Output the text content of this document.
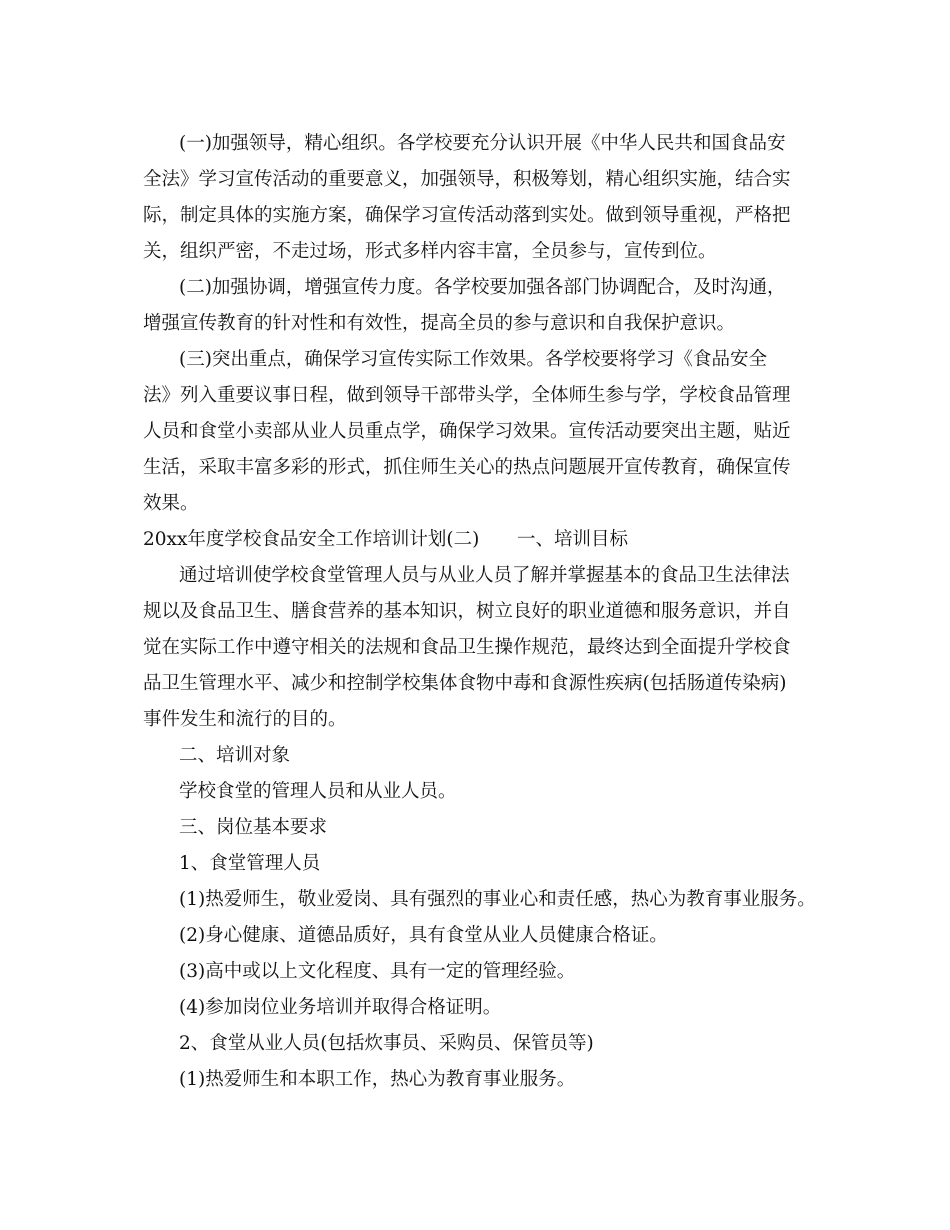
(一)加强领导，精心组织。各学校要充分认识开展《中华人民共和国食品安
全法》学习宣传活动的重要意义，加强领导，积极筹划，精心组织实施，结合实
际，制定具体的实施方案，确保学习宣传活动落到实处。做到领导重视，严格把
关，组织严密，不走过场，形式多样内容丰富，全员参与，宣传到位。
(二)加强协调，增强宣传力度。各学校要加强各部门协调配合，及时沟通，
增强宣传教育的针对性和有效性，提高全员的参与意识和自我保护意识。
(三)突出重点，确保学习宣传实际工作效果。各学校要将学习《食品安全
法》列入重要议事日程，做到领导干部带头学，全体师生参与学，学校食品管理
人员和食堂小卖部从业人员重点学，确保学习效果。宣传活动要突出主题，贴近
生活，采取丰富多彩的形式，抓住师生关心的热点问题展开宣传教育，确保宣传
效果。
20xx年度学校食品安全工作培训计划(二) 一、培训目标
通过培训使学校食堂管理人员与从业人员了解并掌握基本的食品卫生法律法
规以及食品卫生、膳食营养的基本知识，树立良好的职业道德和服务意识，并自
觉在实际工作中遵守相关的法规和食品卫生操作规范，最终达到全面提升学校食
品卫生管理水平、减少和控制学校集体食物中毒和食源性疾病(包括肠道传染病)
事件发生和流行的目的。
二、培训对象
学校食堂的管理人员和从业人员。
三、岗位基本要求
1、食堂管理人员
(1)热爱师生，敬业爱岗、具有强烈的事业心和责任感，热心为教育事业服务。
(2)身心健康、道德品质好，具有食堂从业人员健康合格证。
(3)高中或以上文化程度、具有一定的管理经验。
(4)参加岗位业务培训并取得合格证明。
2、食堂从业人员(包括炊事员、采购员、保管员等)
(1)热爱师生和本职工作，热心为教育事业服务。
